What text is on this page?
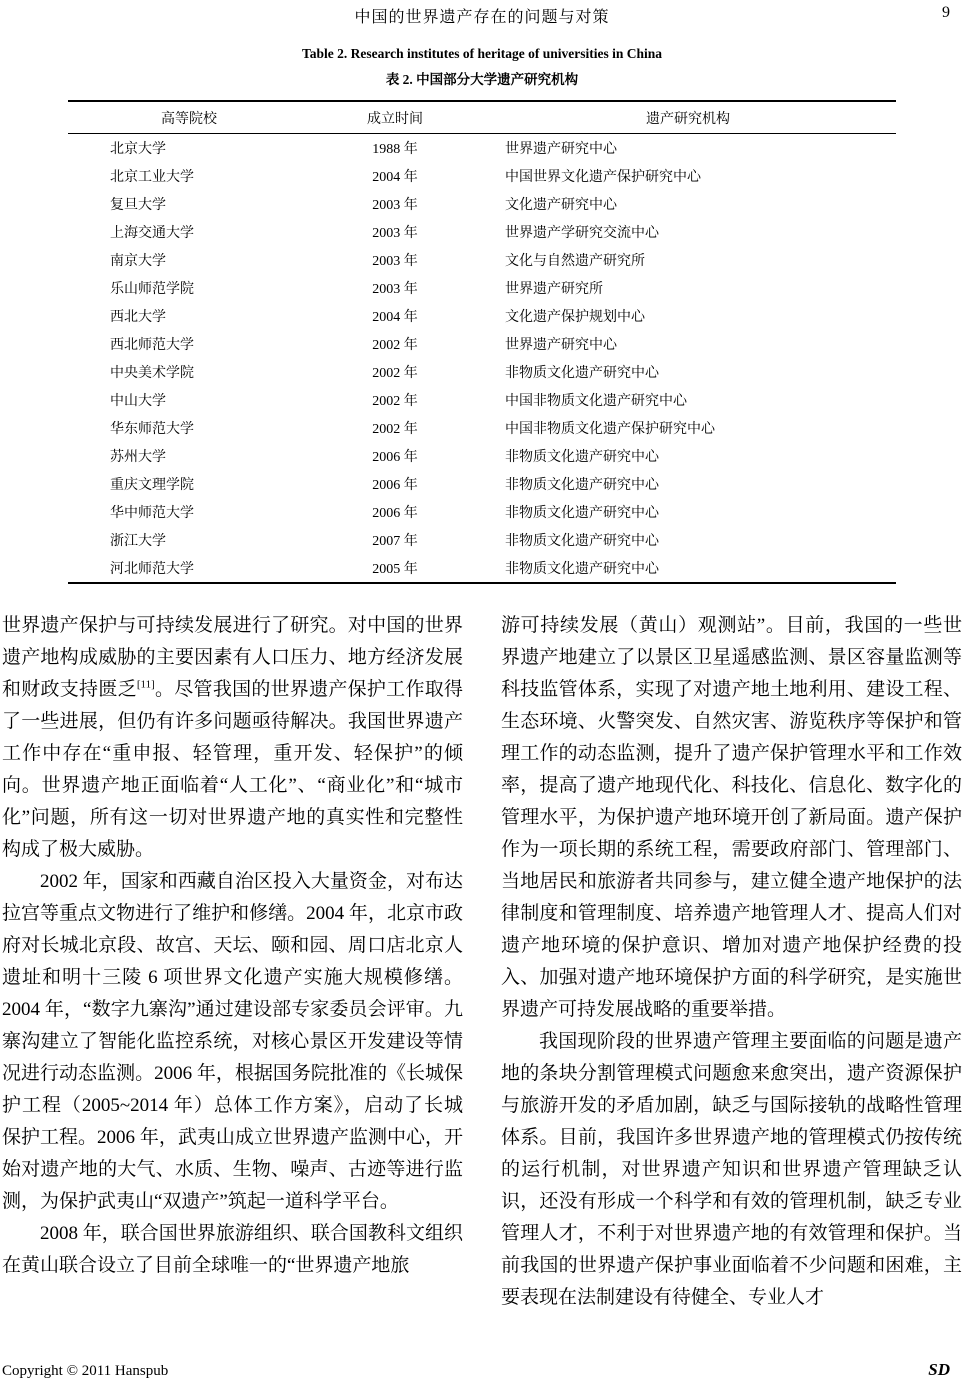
中国的世界遗产存在的问题与对策	9
Table 2. Research institutes of heritage of universities in China
表 2. 中国部分大学遗产研究机构
高等院校	成立时间	遗产研究机构
北京大学	1988 年	世界遗产研究中心
北京工业大学	2004 年	中国世界文化遗产保护研究中心
复旦大学	2003 年	文化遗产研究中心
上海交通大学	2003 年	世界遗产学研究交流中心
南京大学	2003 年	文化与自然遗产研究所
乐山师范学院	2003 年	世界遗产研究所
西北大学	2004 年	文化遗产保护规划中心
西北师范大学	2002 年	世界遗产研究中心
中央美术学院	2002 年	非物质文化遗产研究中心
中山大学	2002 年	中国非物质文化遗产研究中心
华东师范大学	2002 年	中国非物质文化遗产保护研究中心
苏州大学	2006 年	非物质文化遗产研究中心
重庆文理学院	2006 年	非物质文化遗产研究中心
华中师范大学	2006 年	非物质文化遗产研究中心
浙江大学	2007 年	非物质文化遗产研究中心
河北师范大学	2005 年	非物质文化遗产研究中心

世界遗产保护与可持续发展进行了研究。对中国的世界遗产地构成威胁的主要因素有人口压力、地方经济发展和财政支持匮乏[11]。尽管我国的世界遗产保护工作取得了一些进展，但仍有许多问题亟待解决。我国世界遗产工作中存在“重申报、轻管理，重开发、轻保护”的倾向。世界遗产地正面临着“人工化”、“商业化”和“城市化”问题，所有这一切对世界遗产地的真实性和完整性构成了极大威胁。

2002 年，国家和西藏自治区投入大量资金，对布达拉宫等重点文物进行了维护和修缮。2004 年，北京市政府对长城北京段、故宫、天坛、颐和园、周口店北京人遗址和明十三陵 6 项世界文化遗产实施大规模修缮。2004 年，“数字九寨沟”通过建设部专家委员会评审。九寨沟建立了智能化监控系统，对核心景区开发建设等情况进行动态监测。2006 年，根据国务院批准的《长城保护工程（2005~2014 年）总体工作方案》，启动了长城保护工程。2006 年，武夷山成立世界遗产监测中心，开始对遗产地的大气、水质、生物、噪声、古迹等进行监测，为保护武夷山“双遗产”筑起一道科学平台。

2008 年，联合国世界旅游组织、联合国教科文组织在黄山联合设立了目前全球唯一的“世界遗产地旅

游可持续发展（黄山）观测站”。目前，我国的一些世界遗产地建立了以景区卫星遥感监测、景区容量监测等科技监管体系，实现了对遗产地土地利用、建设工程、生态环境、火警突发、自然灾害、游览秩序等保护和管理工作的动态监测，提升了遗产保护管理水平和工作效率，提高了遗产地现代化、科技化、信息化、数字化的管理水平，为保护遗产地环境开创了新局面。遗产保护作为一项长期的系统工程，需要政府部门、管理部门、当地居民和旅游者共同参与，建立健全遗产地保护的法律制度和管理制度、培养遗产地管理人才、提高人们对遗产地环境的保护意识、增加对遗产地保护经费的投入、加强对遗产地环境保护方面的科学研究，是实施世界遗产可持发展战略的重要举措。

我国现阶段的世界遗产管理主要面临的问题是遗产地的条块分割管理模式问题愈来愈突出，遗产资源保护与旅游开发的矛盾加剧，缺乏与国际接轨的战略性管理体系。目前，我国许多世界遗产地的管理模式仍按传统的运行机制，对世界遗产知识和世界遗产管理缺乏认识，还没有形成一个科学和有效的管理机制，缺乏专业管理人才，不利于对世界遗产地的有效管理和保护。当前我国的世界遗产保护事业面临着不少问题和困难，主要表现在法制建设有待健全、专业人才

Copyright © 2011 Hanspub	SD
